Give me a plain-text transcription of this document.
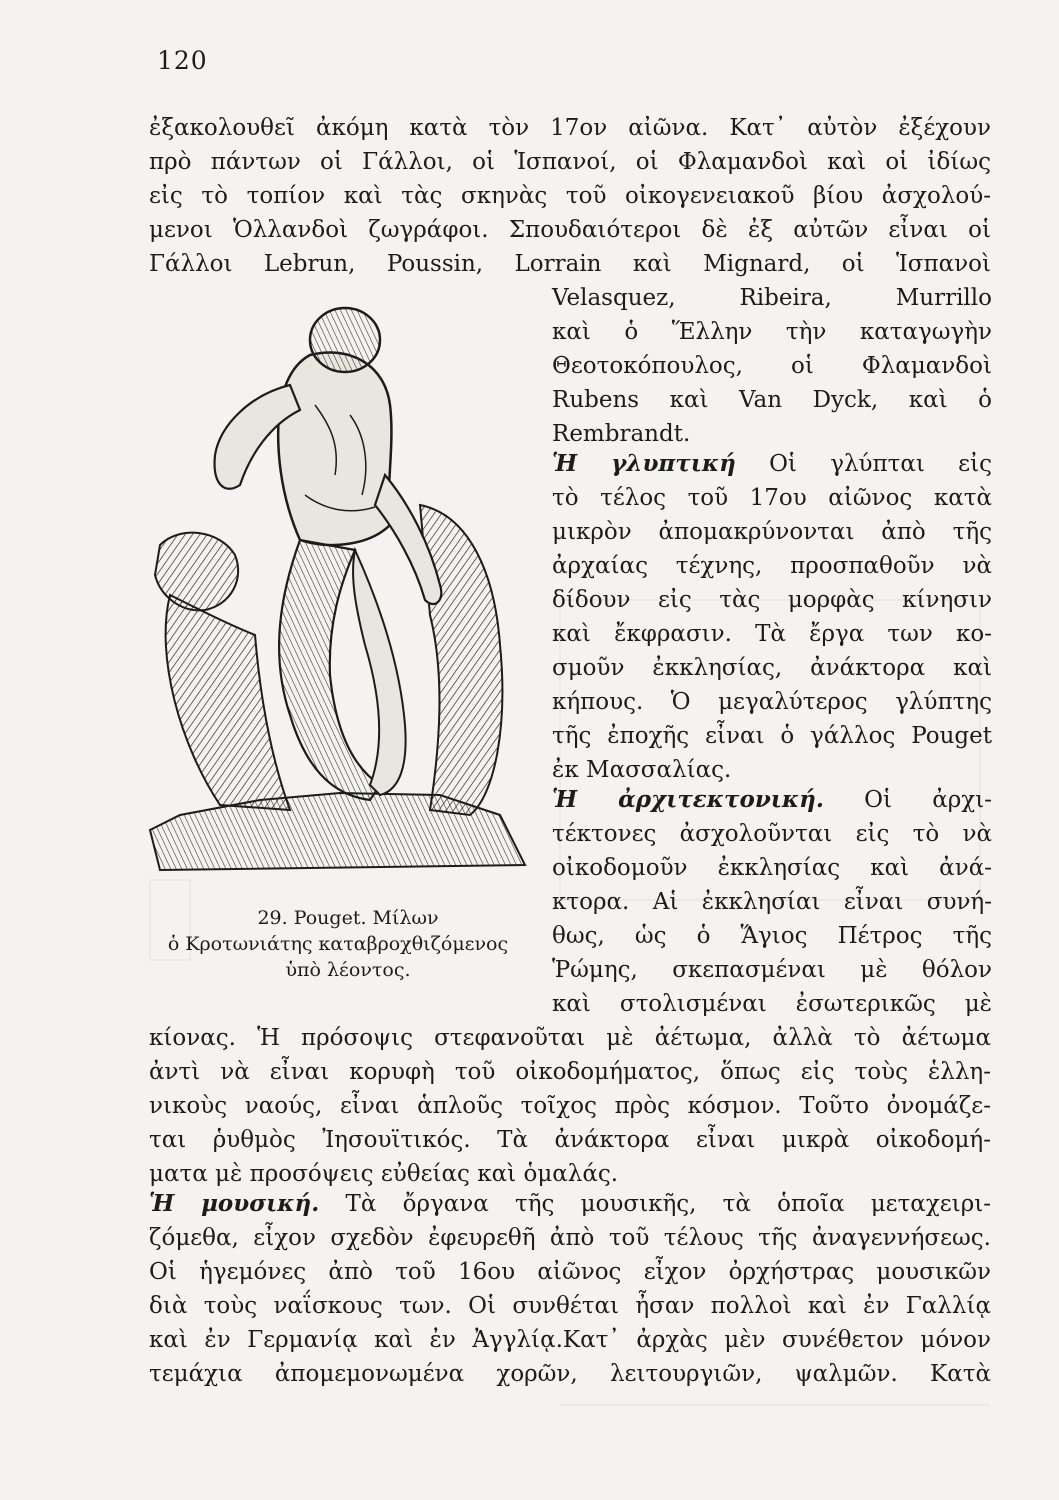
120
ἐξακολουθεῖ ἀκόμη κατὰ τὸν 17ον αἰῶνα. Κατ᾽ αὐτὸν ἐξέχουν
πρὸ πάντων οἱ Γάλλοι, οἱ Ἱσπανοί, οἱ Φλαμανδοὶ καὶ οἱ ἰδίως
εἰς τὸ τοπίον καὶ τὰς σκηνὰς τοῦ οἰκογενειακοῦ βίου ἀσχολού-
μενοι Ὁλλανδοὶ ζωγράφοι. Σπουδαιότεροι δὲ ἐξ αὐτῶν εἶναι οἱ
Γάλλοι Lebrun, Poussin, Lorrain καὶ Mignard, οἱ Ἱσπανοὶ
Velasquez, Ribeira, Murrillo
καὶ ὁ Ἕλλην τὴν καταγωγὴν
Θεοτοκόπουλος, οἱ Φλαμανδοὶ
Rubens καὶ Van Dyck, καὶ ὁ
Rembrandt.
Ἡ γλυπτική Οἱ γλύπται εἰς
τὸ τέλος τοῦ 17ου αἰῶνος κατὰ
μικρὸν ἀπομακρύνονται ἀπὸ τῆς
ἀρχαίας τέχνης, προσπαθοῦν νὰ
δίδουν εἰς τὰς μορφὰς κίνησιν
καὶ ἔκφρασιν. Τὰ ἔργα των κο-
σμοῦν ἐκκλησίας, ἀνάκτορα καὶ
κήπους. Ὁ μεγαλύτερος γλύπτης
τῆς ἐποχῆς εἶναι ὁ γάλλος Pouget
ἐκ Μασσαλίας.
Ἡ ἀρχιτεκτονική. Οἱ ἀρχι-
τέκτονες ἀσχολοῦνται εἰς τὸ νὰ
οἰκοδομοῦν ἐκκλησίας καὶ ἀνά-
κτορα. Αἱ ἐκκλησίαι εἶναι συνή-
θως, ὡς ὁ Ἅγιος Πέτρος τῆς
Ῥώμης, σκεπασμέναι μὲ θόλον
καὶ στολισμέναι ἐσωτερικῶς μὲ
κίονας. Ἡ πρόσοψις στεφανοῦται μὲ ἀέτωμα, ἀλλὰ τὸ ἀέτωμα
ἀντὶ νὰ εἶναι κορυφὴ τοῦ οἰκοδομήματος, ὅπως εἰς τοὺς ἑλλη-
νικοὺς ναούς, εἶναι ἁπλοῦς τοῖχος πρὸς κόσμον. Τοῦτο ὀνομάζε-
ται ῥυθμὸς Ἰησουϊτικός. Τὰ ἀνάκτορα εἶναι μικρὰ οἰκοδομή-
ματα μὲ προσόψεις εὐθείας καὶ ὁμαλάς.
Ἡ μουσική. Τὰ ὄργανα τῆς μουσικῆς, τὰ ὁποῖα μεταχειρι-
ζόμεθα, εἶχον σχεδὸν ἐφευρεθῆ ἀπὸ τοῦ τέλους τῆς ἀναγεννήσεως.
Οἱ ἡγεμόνες ἀπὸ τοῦ 16ου αἰῶνος εἶχον ὀρχήστρας μουσικῶν
διὰ τοὺς ναΐσκους των. Οἱ συνθέται ἦσαν πολλοὶ καὶ ἐν Γαλλίᾳ
καὶ ἐν Γερμανίᾳ καὶ ἐν Ἀγγλίᾳ.Κατ᾽ ἀρχὰς μὲν συνέθετον μόνον
τεμάχια ἀπομεμονωμένα χορῶν, λειτουργιῶν, ψαλμῶν. Κατὰ
29. Pouget. Μίλων
ὁ Κροτωνιάτης καταβροχθιζόμενος
ὑπὸ λέοντος.
